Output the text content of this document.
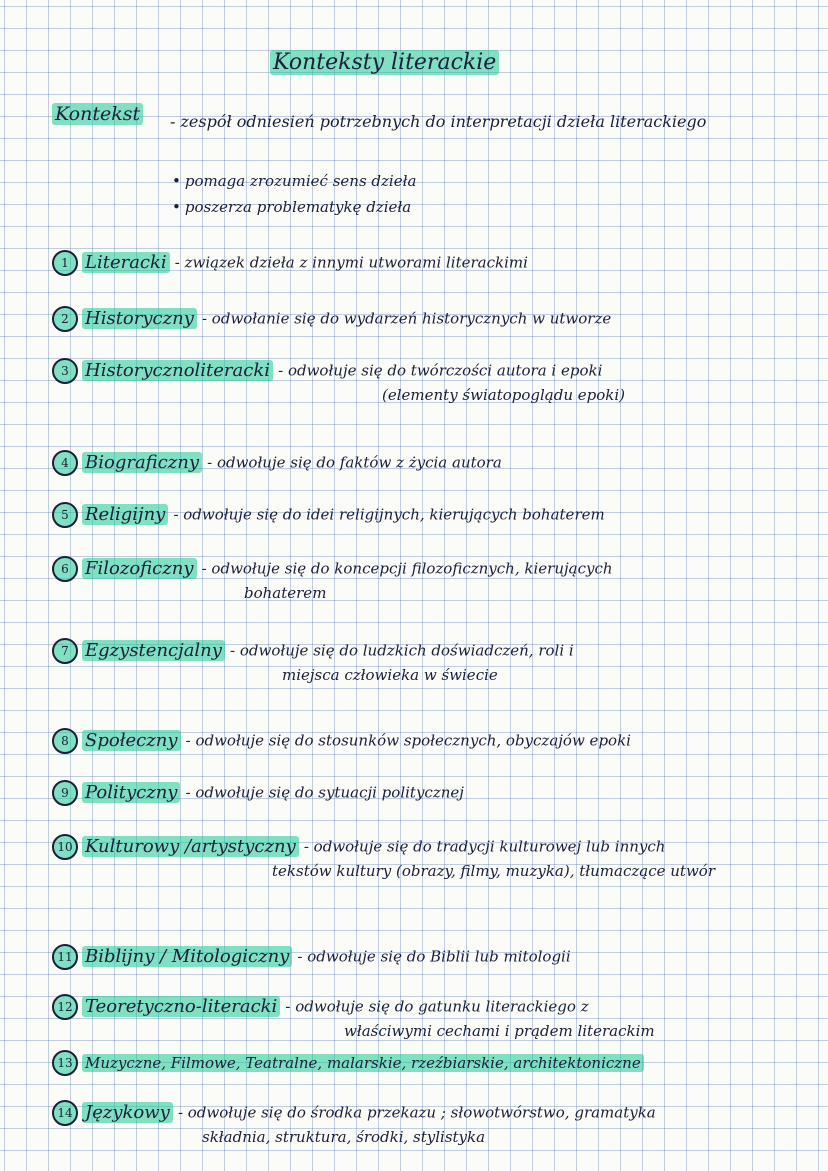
Konteksty literackie
Kontekst - zespół odniesień potrzebnych do interpretacji dzieła literackiego
• pomaga zrozumieć sens dzieła
• poszerza problematykę dzieła
1 Literacki - związek dzieła z innymi utworami literackimi
2 Historyczny - odwołanie się do wydarzeń historycznych w utworze
3 Historycznoliteracki - odwołuje się do twórczości autora i epoki
(elementy światopoglądu epoki)
4 Biograficzny - odwołuje się do faktów z życia autora
5 Religijny - odwołuje się do idei religijnych, kierujących bohaterem
6 Filozoficzny - odwołuje się do koncepcji filozoficznych, kierujących
bohaterem
7 Egzystencjalny - odwołuje się do ludzkich doświadczeń, roli i
miejsca człowieka w świecie
8 Społeczny - odwołuje się do stosunków społecznych, obyczajów epoki
9 Polityczny - odwołuje się do sytuacji politycznej
10 Kulturowy /artystyczny - odwołuje się do tradycji kulturowej lub innych
tekstów kultury (obrazy, filmy, muzyka), tłumaczące utwór
11 Biblijny / Mitologiczny - odwołuje się do Biblii lub mitologii
12 Teoretyczno-literacki - odwołuje się do gatunku literackiego z
właściwymi cechami i prądem literackim
13 Muzyczne, Filmowe, Teatralne, malarskie, rzeźbiarskie, architektoniczne
14 Językowy - odwołuje się do środka przekazu ; słowotwórstwo, gramatyka
składnia, struktura, środki, stylistyka
